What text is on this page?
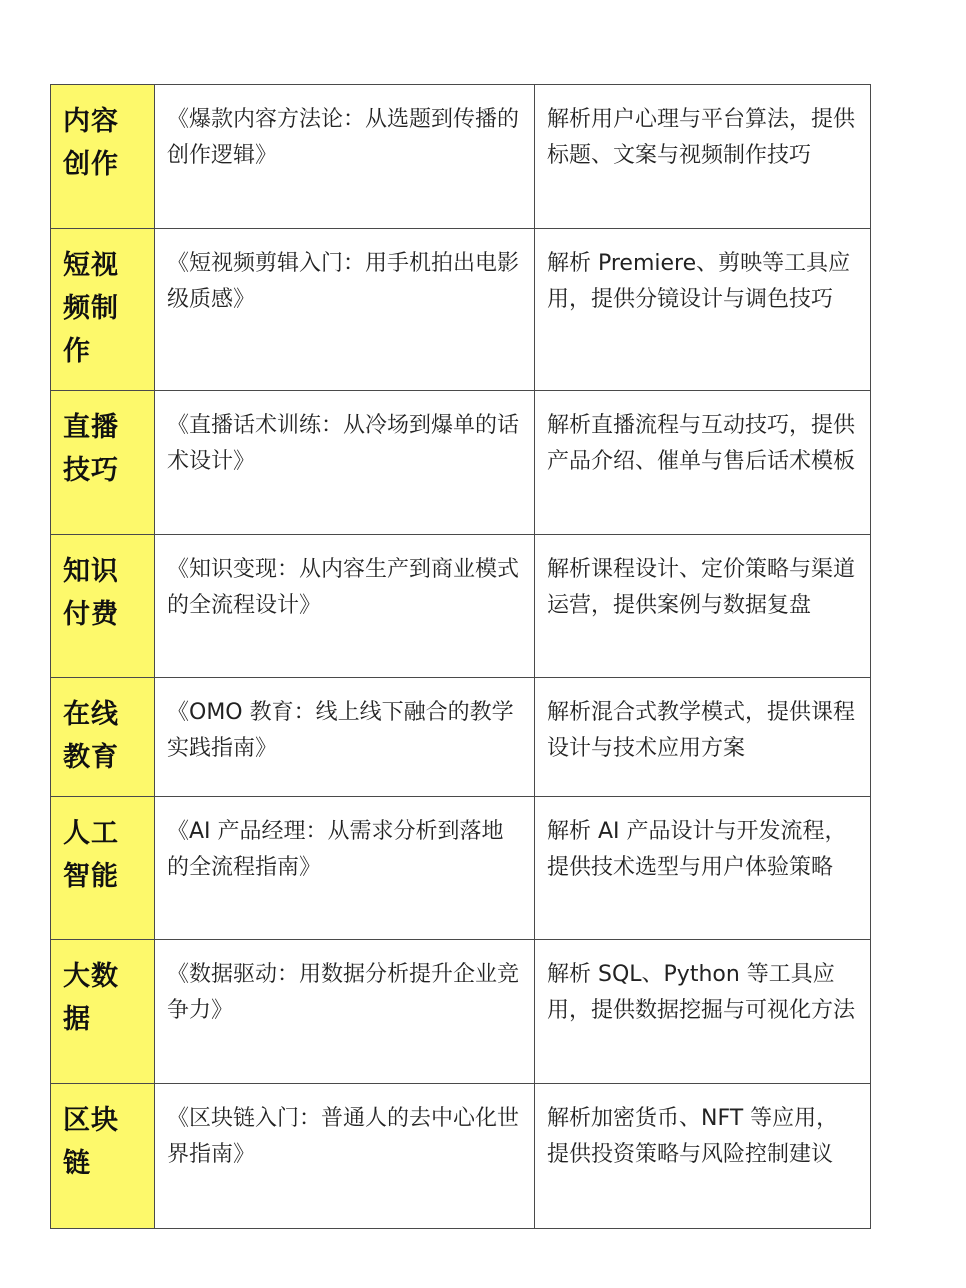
内容创作	《爆款内容方法论：从选题到传播的创作逻辑》	解析用户心理与平台算法，提供标题、文案与视频制作技巧

短视频制作	《短视频剪辑入门：用手机拍出电影级质感》	解析 Premiere、剪映等工具应用，提供分镜设计与调色技巧

直播技巧	《直播话术训练：从冷场到爆单的话术设计》	解析直播流程与互动技巧，提供产品介绍、催单与售后话术模板

知识付费	《知识变现：从内容生产到商业模式的全流程设计》	解析课程设计、定价策略与渠道运营，提供案例与数据复盘

在线教育	《OMO 教育：线上线下融合的教学实践指南》	解析混合式教学模式，提供课程设计与技术应用方案

人工智能	《AI 产品经理：从需求分析到落地的全流程指南》	解析 AI 产品设计与开发流程，提供技术选型与用户体验策略

大数据	《数据驱动：用数据分析提升企业竞争力》	解析 SQL、Python 等工具应用，提供数据挖掘与可视化方法

区块链	《区块链入门：普通人的去中心化世界指南》	解析加密货币、NFT 等应用，提供投资策略与风险控制建议
